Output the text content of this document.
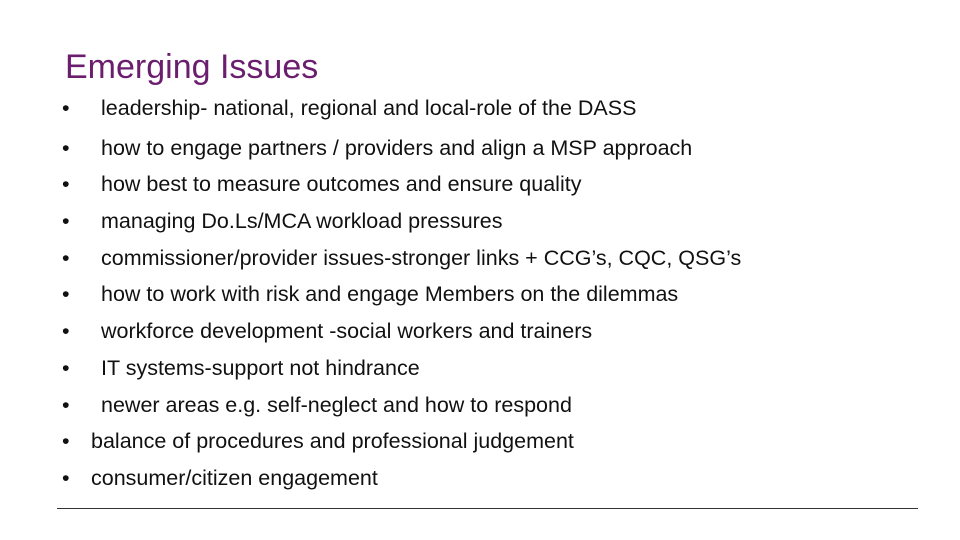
Emerging Issues
• leadership- national, regional and local-role of the DASS
• how to engage partners / providers and align a MSP approach
• how best to measure outcomes and ensure quality
• managing Do.Ls/MCA workload pressures
• commissioner/provider issues-stronger links + CCG’s, CQC, QSG’s
• how to work with risk and engage Members on the dilemmas
• workforce development -social workers and trainers
• IT systems-support not hindrance
• newer areas e.g. self-neglect and how to respond
• balance of procedures and professional judgement
• consumer/citizen engagement
